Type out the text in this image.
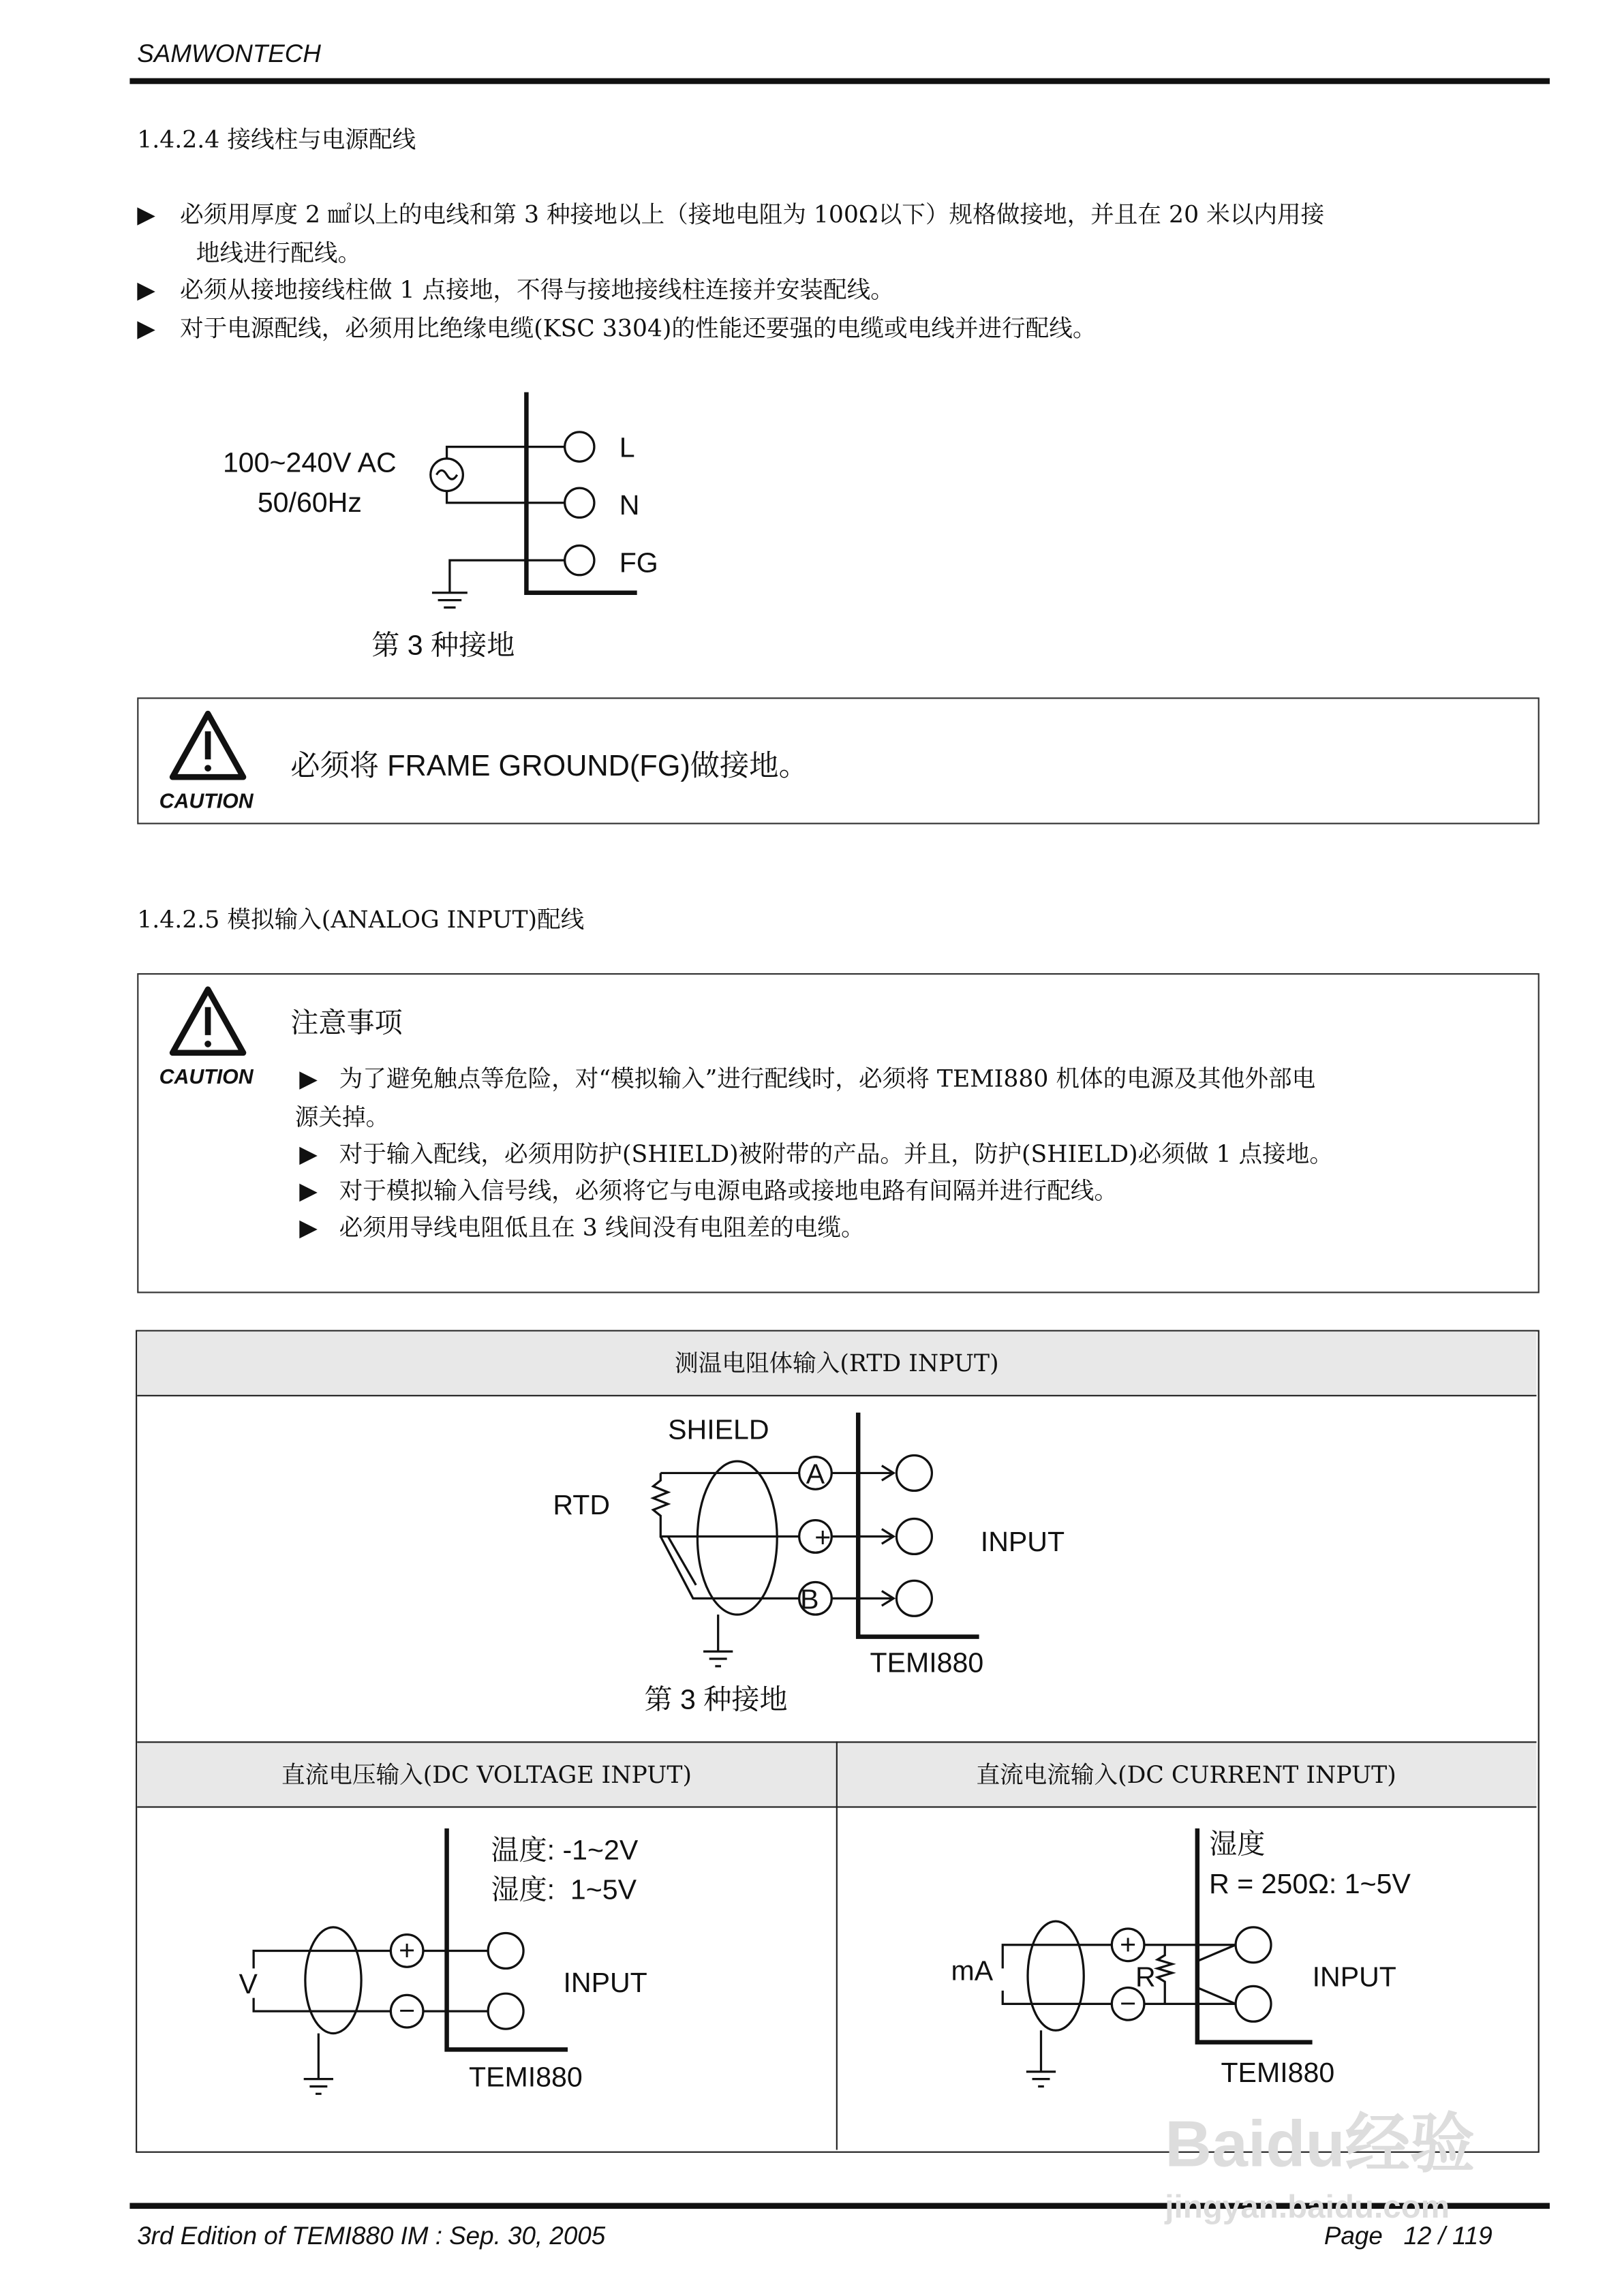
SAMWONTECH
1.4.2.4 接线柱与电源配线
▶ 必须用厚度 2 ㎟以上的电线和第 3 种接地以上（接地电阻为 100Ω以下）规格做接地，并且在 20 米以内用接
地线进行配线。
▶ 必须从接地接线柱做 1 点接地，不得与接地接线柱连接并安装配线。
▶ 对于电源配线，必须用比绝缘电缆(KSC 3304)的性能还要强的电缆或电线并进行配线。
1.4.2.5 模拟输入(ANALOG INPUT)配线
必须将 FRAME GROUND(FG)做接地。
注意事项
▶ 为了避免触点等危险，对“模拟输入”进行配线时，必须将 TEMI880 机体的电源及其他外部电
源关掉。
▶ 对于输入配线，必须用防护(SHIELD)被附带的产品。并且，防护(SHIELD)必须做 1 点接地。
▶ 对于模拟输入信号线，必须将它与电源电路或接地电路有间隔并进行配线。
▶ 必须用导线电阻低且在 3 线间没有电阻差的电缆。
测温电阻体输入(RTD INPUT)
直流电压输入(DC VOLTAGE INPUT)	直流电流输入(DC CURRENT INPUT)
L
N
FG
100~240V AC
50/60Hz
第 3 种接地
CAUTION
CAUTION
SHIELD
RTD
A
+
B
INPUT
TEMI880
第 3 种接地
温度: -1~2V
湿度:  1~5V
V
+
−
INPUT
TEMI880
湿度
R = 250Ω: 1~5V
mA	R
+
−
INPUT
TEMI880
3rd Edition of TEMI880 IM : Sep. 30, 2005	Page   12 / 119
Baidu经验
jingyan.baidu.com
